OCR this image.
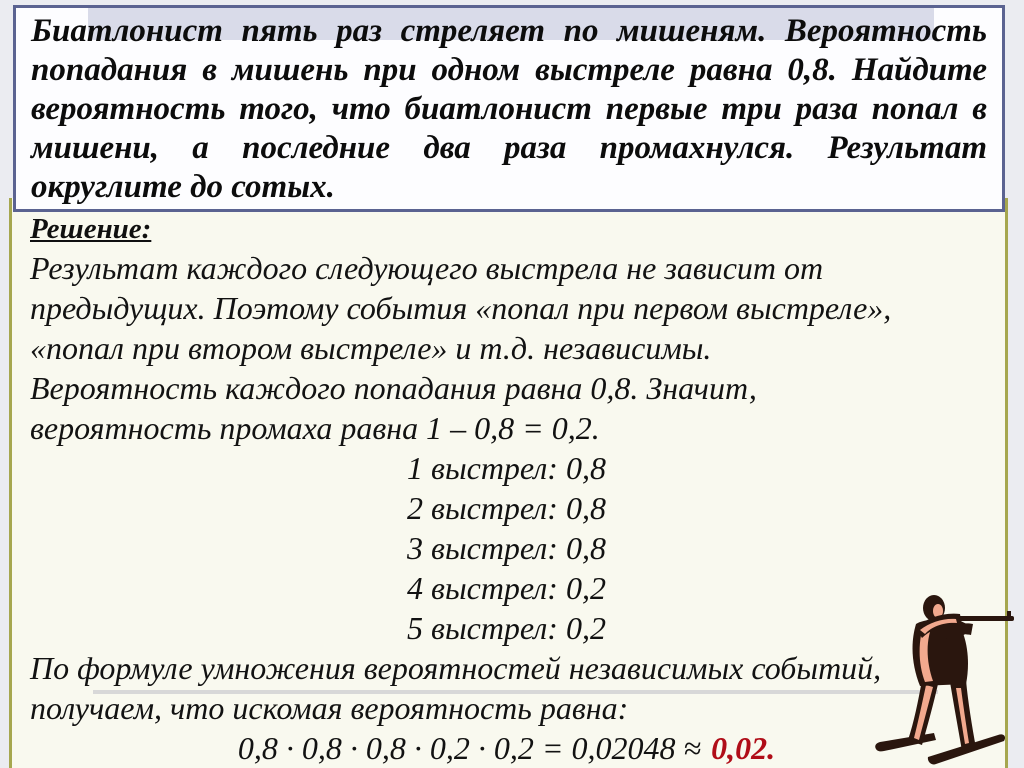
Решение:
Результат каждого следующего выстрела не зависит от
предыдущих. Поэтому события «попал при первом выстреле»,
«попал при втором выстреле» и т.д. независимы.
Вероятность каждого попадания равна 0,8. Значит,
вероятность промаха равна 1 – 0,8 = 0,2.
1 выстрел: 0,8
2 выстрел: 0,8
3 выстрел: 0,8
4 выстрел: 0,2
5 выстрел: 0,2
По формуле умножения вероятностей независимых событий,
получаем, что искомая вероятность равна:
0,8 · 0,8 · 0,8 · 0,2 · 0,2 = 0,02048 ≈ 0,02.
Биатлонист пять раз стреляет по мишеням. Вероятность
попадания в мишень при одном выстреле равна 0,8. Найдите
вероятность того, что биатлонист первые три раза попал в
мишени, а последние два раза промахнулся. Результат
округлите до сотых.
